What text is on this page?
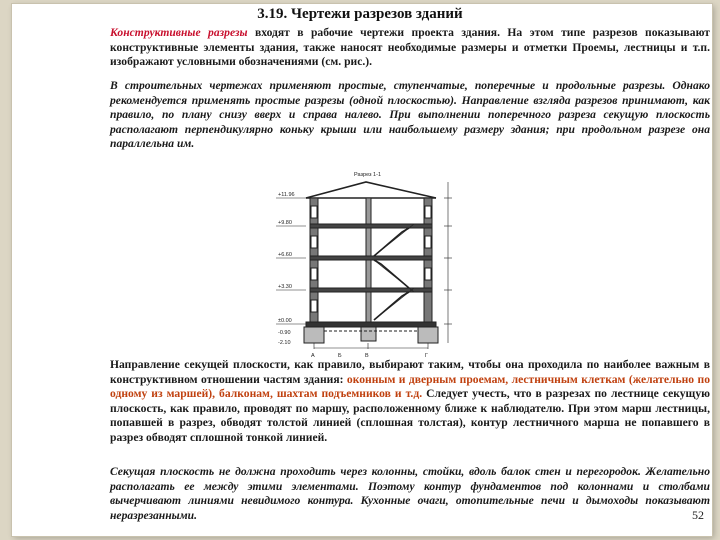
3.19. Чертежи разрезов зданий

Конструктивные разрезы входят в рабочие чертежи проекта здания. На этом типе разрезов показывают конструктивные элементы здания, также наносят необходимые размеры и отметки Проемы, лестницы и т.п. изображают условными обозначениями (см. рис.).

В строительных чертежах применяют простые, ступенчатые, поперечные и продольные разрезы. Однако рекомендуется применять простые разрезы (одной плоскостью). Направление взгляда разрезов принимают, как правило, по плану снизу вверх и справа налево. При выполнении поперечного разреза секущую плоскость располагают перпендикулярно коньку крыши или наибольшему размеру здания; при продольном разрезе она параллельна им.

Разрез 1-1
+11.96
+9.80
+6.60
+3.30
±0.00
-0.90
-2.10
А	Б	В	Г

Направление секущей плоскости, как правило, выбирают таким, чтобы она проходила по наиболее важным в конструктивном отношении частям здания: оконным и дверным проемам, лестничным клеткам (желательно по одному из маршей), балконам, шахтам подъемников и т.д. Следует учесть, что в разрезах по лестнице секущую плоскость, как правило, проводят по маршу, расположенному ближе к наблюдателю. При этом марш лестницы, попавшей в разрез, обводят толстой линией (сплошная толстая), контур лестничного марша не попавшего в разрез обводят сплошной тонкой линией.

Секущая плоскость не должна проходить через колонны, стойки, вдоль балок стен и перегородок. Желательно располагать ее между этими элементами. Поэтому контур фундаментов под колоннами и столбами вычерчивают линиями невидимого контура. Кухонные очаги, отопительные печи и дымоходы показывают неразрезанными.	52
